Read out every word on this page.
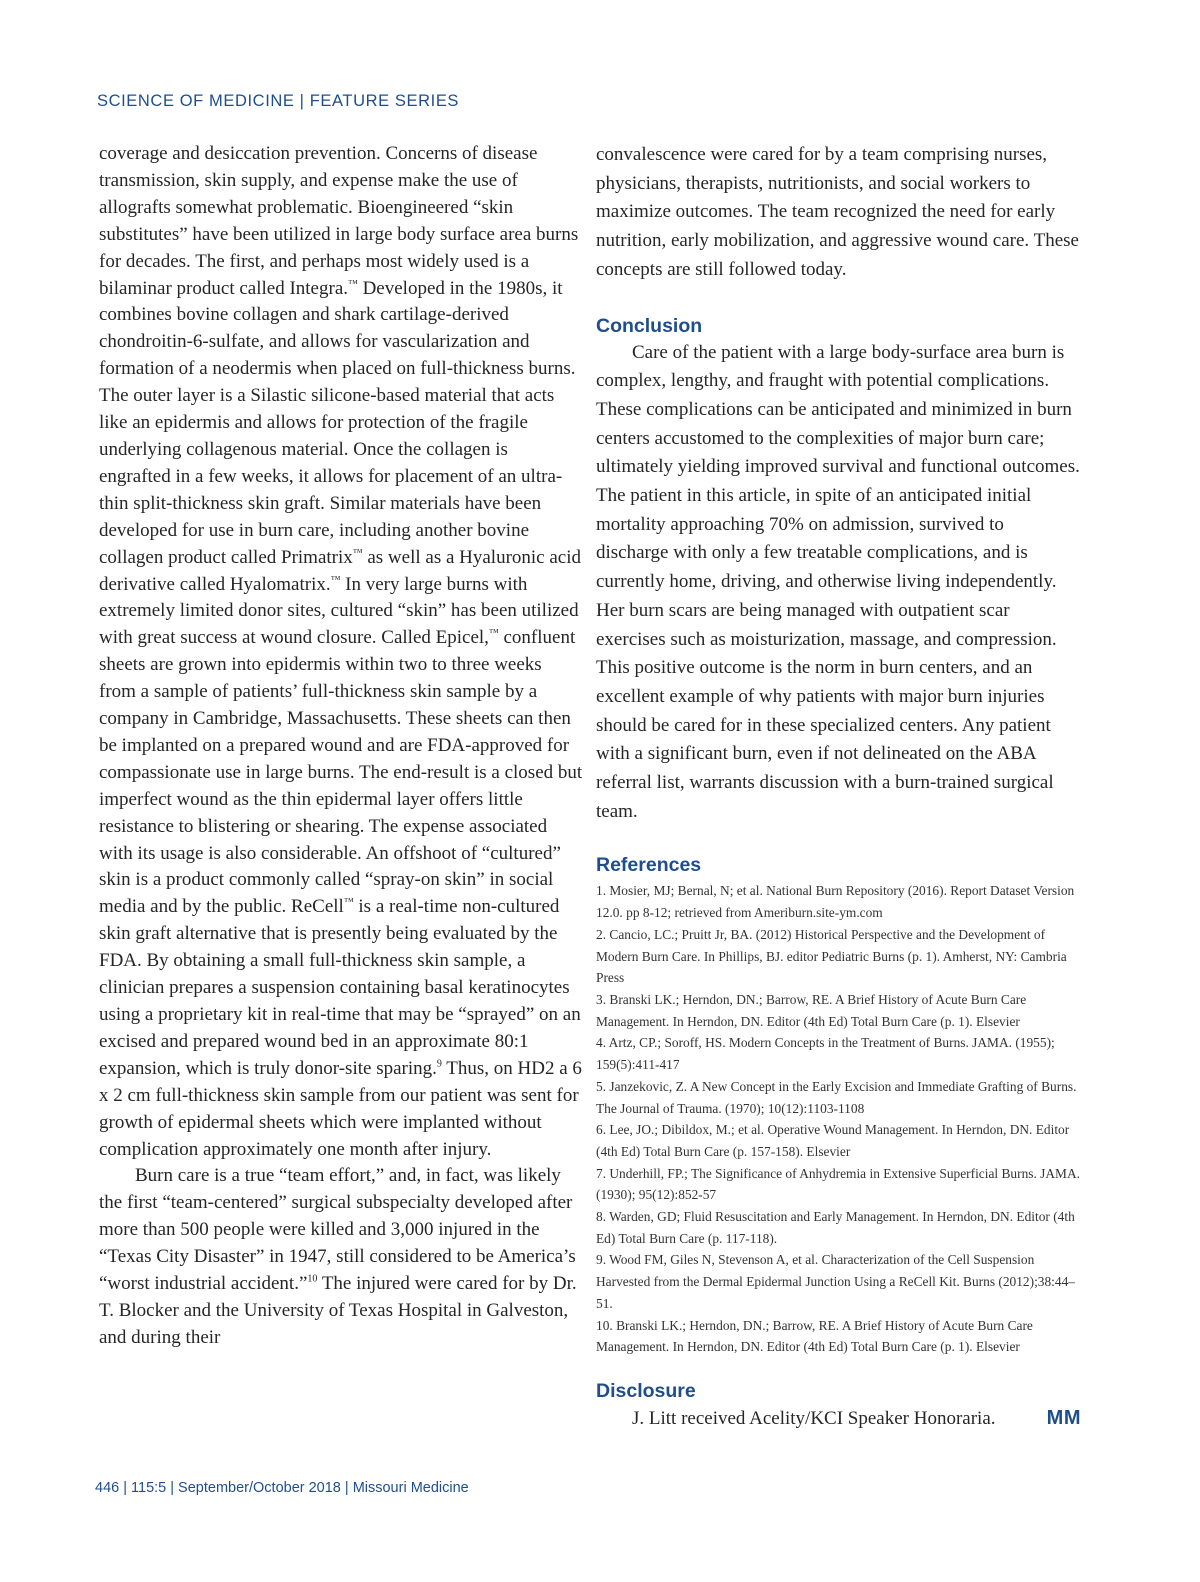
SCIENCE OF MEDICINE | FEATURE SERIES

coverage and desiccation prevention. Concerns of disease transmission, skin supply, and expense make the use of allografts somewhat problematic. Bioengineered “skin substitutes” have been utilized in large body surface area burns for decades. The first, and perhaps most widely used is a bilaminar product called Integra.™ Developed in the 1980s, it combines bovine collagen and shark cartilage-derived chondroitin-6-sulfate, and allows for vascularization and formation of a neodermis when placed on full-thickness burns. The outer layer is a Silastic silicone-based material that acts like an epidermis and allows for protection of the fragile underlying collagenous material. Once the collagen is engrafted in a few weeks, it allows for placement of an ultra-thin split-thickness skin graft. Similar materials have been developed for use in burn care, including another bovine collagen product called Primatrix™ as well as a Hyaluronic acid derivative called Hyalomatrix.™ In very large burns with extremely limited donor sites, cultured “skin” has been utilized with great success at wound closure. Called Epicel,™ confluent sheets are grown into epidermis within two to three weeks from a sample of patients’ full-thickness skin sample by a company in Cambridge, Massachusetts. These sheets can then be implanted on a prepared wound and are FDA-approved for compassionate use in large burns. The end-result is a closed but imperfect wound as the thin epidermal layer offers little resistance to blistering or shearing. The expense associated with its usage is also considerable. An offshoot of “cultured” skin is a product commonly called “spray-on skin” in social media and by the public. ReCell™ is a real-time non-cultured skin graft alternative that is presently being evaluated by the FDA. By obtaining a small full-thickness skin sample, a clinician prepares a suspension containing basal keratinocytes using a proprietary kit in real-time that may be “sprayed” on an excised and prepared wound bed in an approximate 80:1 expansion, which is truly donor-site sparing.$^9$ Thus, on HD2 a 6 x 2 cm full-thickness skin sample from our patient was sent for growth of epidermal sheets which were implanted without complication approximately one month after injury.

Burn care is a true “team effort,” and, in fact, was likely the first “team-centered” surgical subspecialty developed after more than 500 people were killed and 3,000 injured in the “Texas City Disaster” in 1947, still considered to be America’s “worst industrial accident.”$^{10}$ The injured were cared for by Dr. T. Blocker and the University of Texas Hospital in Galveston, and during their

convalescence were cared for by a team comprising nurses, physicians, therapists, nutritionists, and social workers to maximize outcomes. The team recognized the need for early nutrition, early mobilization, and aggressive wound care. These concepts are still followed today.

Conclusion

Care of the patient with a large body-surface area burn is complex, lengthy, and fraught with potential complications. These complications can be anticipated and minimized in burn centers accustomed to the complexities of major burn care; ultimately yielding improved survival and functional outcomes. The patient in this article, in spite of an anticipated initial mortality approaching 70% on admission, survived to discharge with only a few treatable complications, and is currently home, driving, and otherwise living independently. Her burn scars are being managed with outpatient scar exercises such as moisturization, massage, and compression. This positive outcome is the norm in burn centers, and an excellent example of why patients with major burn injuries should be cared for in these specialized centers. Any patient with a significant burn, even if not delineated on the ABA referral list, warrants discussion with a burn-trained surgical team.

References

1. Mosier, MJ; Bernal, N; et al. National Burn Repository (2016). Report Dataset Version 12.0. pp 8-12; retrieved from Ameriburn.site-ym.com

2. Cancio, LC.; Pruitt Jr, BA. (2012) Historical Perspective and the Development of Modern Burn Care. In Phillips, BJ. editor Pediatric Burns (p. 1). Amherst, NY: Cambria Press

3. Branski LK.; Herndon, DN.; Barrow, RE. A Brief History of Acute Burn Care Management. In Herndon, DN. Editor (4th Ed) Total Burn Care (p. 1). Elsevier

4. Artz, CP.; Soroff, HS. Modern Concepts in the Treatment of Burns. JAMA. (1955); 159(5):411-417

5. Janzekovic, Z. A New Concept in the Early Excision and Immediate Grafting of Burns. The Journal of Trauma. (1970); 10(12):1103-1108

6. Lee, JO.; Dibildox, M.; et al. Operative Wound Management. In Herndon, DN. Editor (4th Ed) Total Burn Care (p. 157-158). Elsevier

7. Underhill, FP.; The Significance of Anhydremia in Extensive Superficial Burns. JAMA. (1930); 95(12):852-57

8. Warden, GD; Fluid Resuscitation and Early Management. In Herndon, DN. Editor (4th Ed) Total Burn Care (p. 117-118).

9. Wood FM, Giles N, Stevenson A, et al. Characterization of the Cell Suspension Harvested from the Dermal Epidermal Junction Using a ReCell Kit. Burns (2012);38:44–51.

10. Branski LK.; Herndon, DN.; Barrow, RE. A Brief History of Acute Burn Care Management. In Herndon, DN. Editor (4th Ed) Total Burn Care (p. 1). Elsevier

Disclosure

J. Litt received Acelity/KCI Speaker Honoraria.	MM

446 | 115:5 | September/October 2018 | Missouri Medicine
